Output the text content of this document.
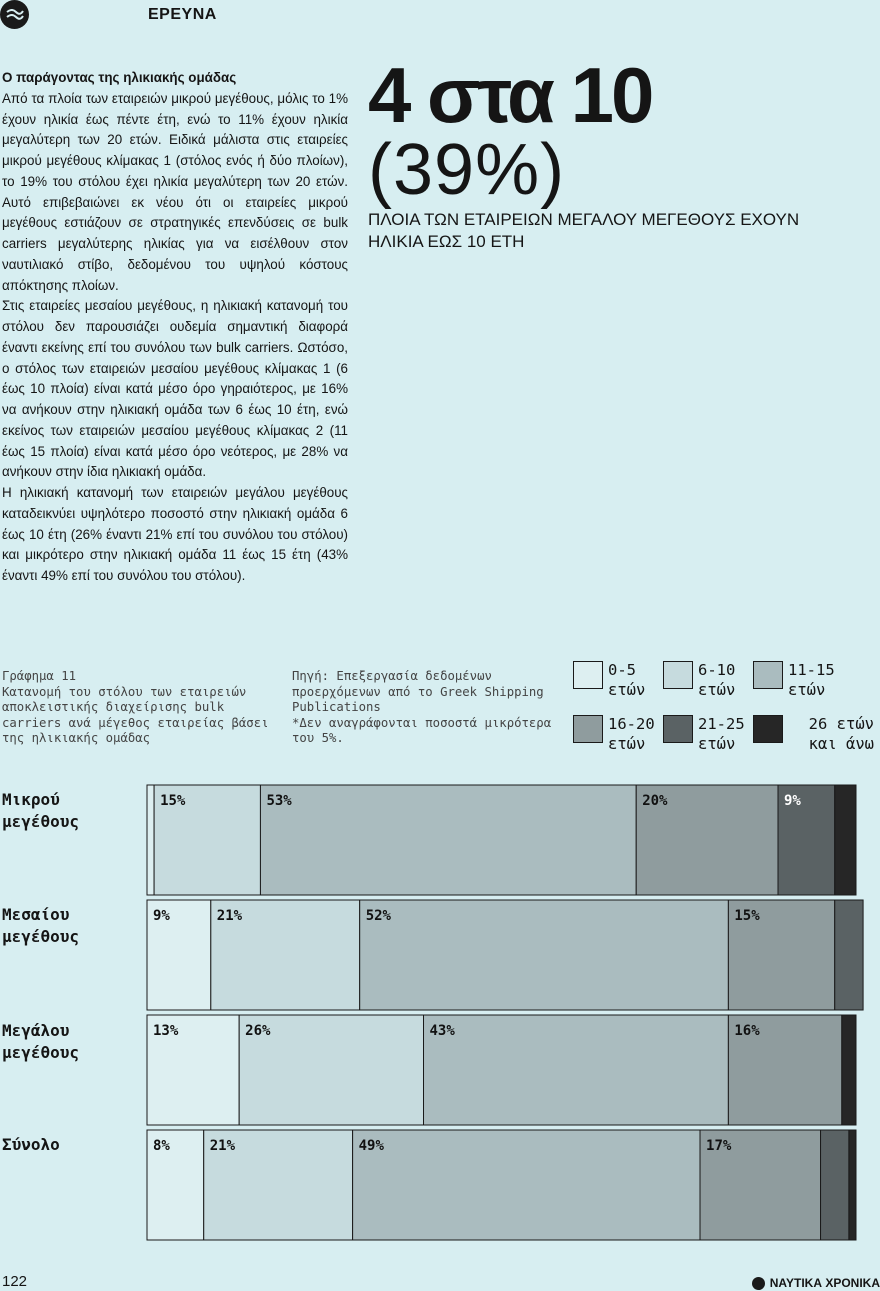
ΕΡΕΥΝΑ

Ο παράγοντας της ηλικιακής ομάδας

Από τα πλοία των εταιρειών μικρού μεγέθους, μόλις το 1% έχουν ηλικία έως πέντε έτη, ενώ το 11% έχουν ηλικία μεγαλύτερη των 20 ετών. Ειδικά μάλιστα στις εταιρείες μικρού μεγέθους κλίμακας 1 (στόλος ενός ή δύο πλοίων), το 19% του στόλου έχει ηλικία μεγαλύτερη των 20 ετών. Αυτό επιβεβαιώνει εκ νέου ότι οι εταιρείες μικρού μεγέθους εστιάζουν σε στρατηγικές επενδύσεις σε bulk carriers μεγαλύτερης ηλικίας για να εισέλθουν στον ναυτιλιακό στίβο, δεδομένου του υψηλού κόστους απόκτησης πλοίων.

Στις εταιρείες μεσαίου μεγέθους, η ηλικιακή κατανομή του στόλου δεν παρουσιάζει ουδεμία σημαντική διαφορά έναντι εκείνης επί του συνόλου των bulk carriers. Ωστόσο, ο στόλος των εταιρειών μεσαίου μεγέθους κλίμακας 1 (6 έως 10 πλοία) είναι κατά μέσο όρο γηραιότερος, με 16% να ανήκουν στην ηλικιακή ομάδα των 6 έως 10 έτη, ενώ εκείνος των εταιρειών μεσαίου μεγέθους κλίμακας 2 (11 έως 15 πλοία) είναι κατά μέσο όρο νεότερος, με 28% να ανήκουν στην ίδια ηλικιακή ομάδα.

Η ηλικιακή κατανομή των εταιρειών μεγάλου μεγέθους καταδεικνύει υψηλότερο ποσοστό στην ηλικιακή ομάδα 6 έως 10 έτη (26% έναντι 21% επί του συνόλου του στόλου) και μικρότερο στην ηλικιακή ομάδα 11 έως 15 έτη (43% έναντι 49% επί του συνόλου του στόλου).

4 στα 10
(39%)
ΠΛΟΙΑ ΤΩΝ ΕΤΑΙΡΕΙΩΝ ΜΕΓΑΛΟΥ ΜΕΓΕΘΟΥΣ ΕΧΟΥΝ ΗΛΙΚΙΑ ΕΩΣ 10 ΕΤΗ
Γράφημα 11
Κατανομή του στόλου των εταιρειών αποκλειστικής διαχείρισης bulk carriers ανά μέγεθος εταιρείας βάσει της ηλικιακής ομάδας
Πηγή: Επεξεργασία δεδομένων προερχόμενων από το Greek Shipping Publications
*Δεν αναγράφονται ποσοστά μικρότερα του 5%.
0-5 ετών
6-10 ετών
11-15 ετών
16-20 ετών
21-25 ετών
26 ετών και άνω
Μικρού μεγέθους
Μεσαίου μεγέθους
Μεγάλου μεγέθους
Σύνολο
15%	53%	20%	9%
9%	21%	52%	15%
13%	26%	43%	16%
8%	21%	49%	17%
122	ΝΑΥΤΙΚΑ ΧΡΟΝΙΚΑ
